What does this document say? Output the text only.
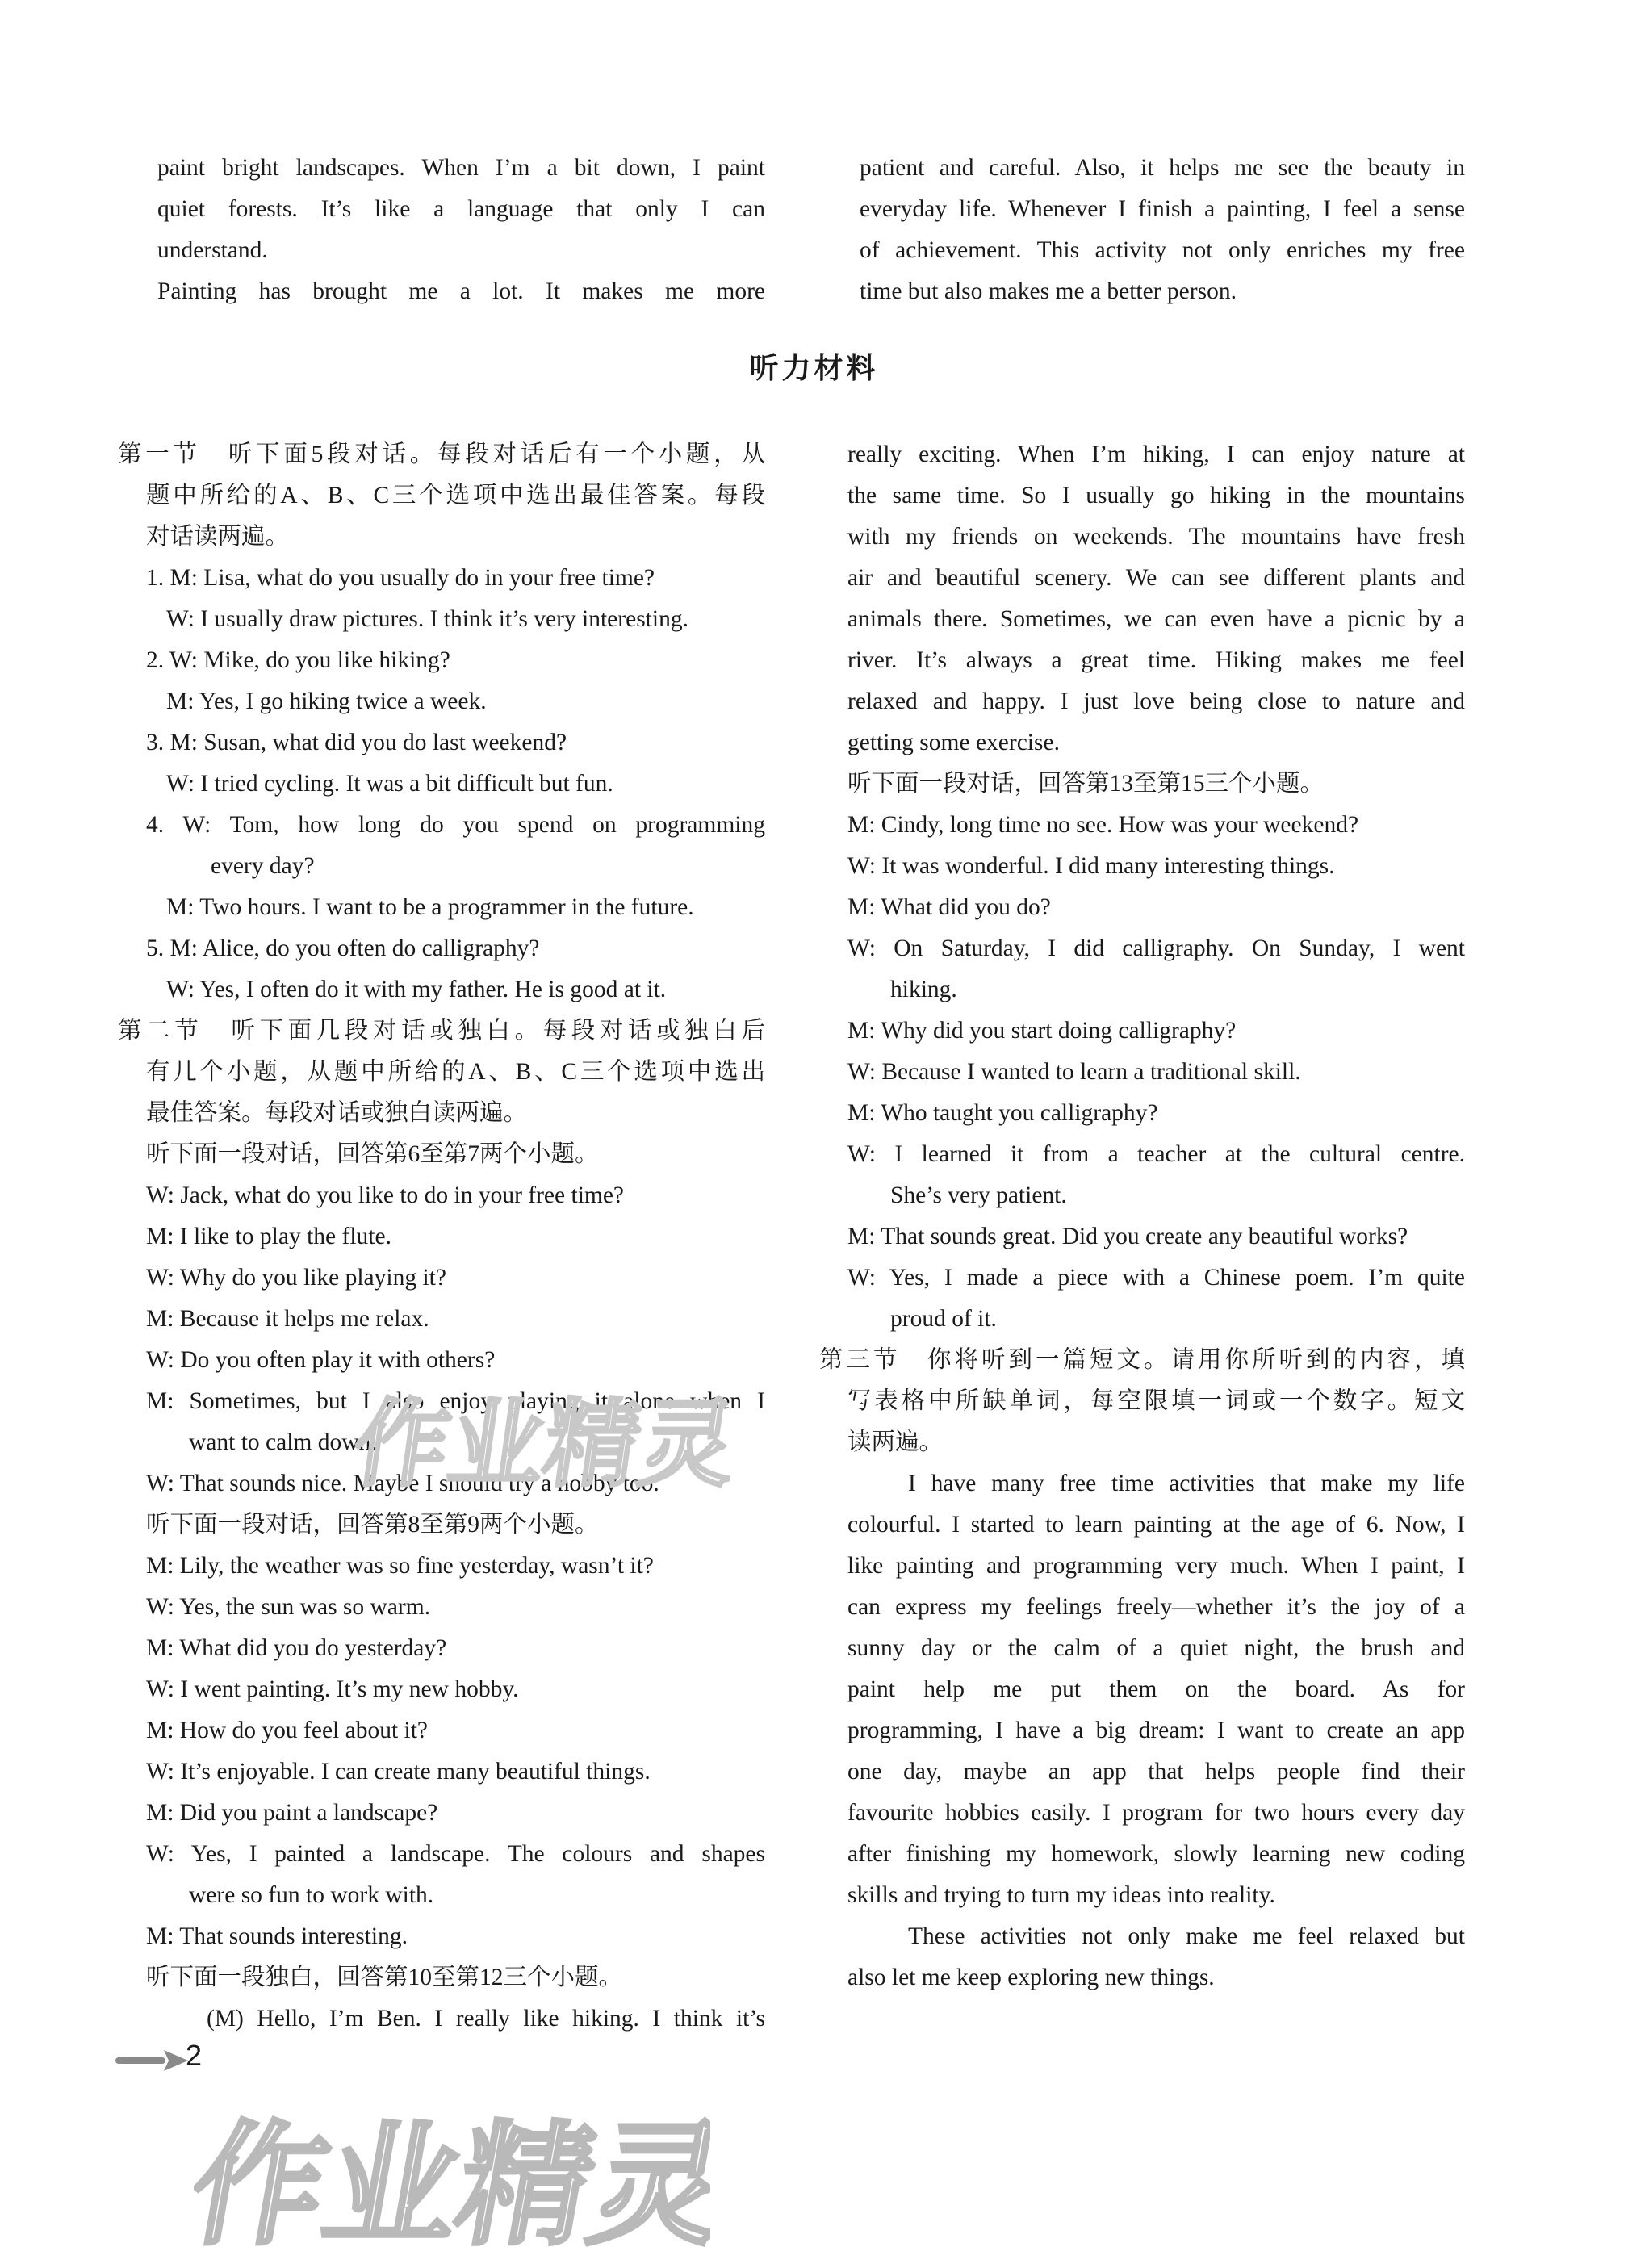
paint bright landscapes. When I’m a bit down, I paint

quiet forests. It’s like a language that only I can

understand.

Painting has brought me a lot. It makes me more

patient and careful. Also, it helps me see the beauty in

everyday life. Whenever I finish a painting, I feel a sense

of achievement. This activity not only enriches my free

time but also makes me a better person.

听力材料

第一节　听下面5段对话。每段对话后有一个小题，从

题中所给的A、B、C三个选项中选出最佳答案。每段

对话读两遍。

1. M: Lisa, what do you usually do in your free time?

W: I usually draw pictures. I think it’s very interesting.

2. W: Mike, do you like hiking?

M: Yes, I go hiking twice a week.

3. M: Susan, what did you do last weekend?

W: I tried cycling. It was a bit difficult but fun.

4. W: Tom, how long do you spend on programming

every day?

M: Two hours. I want to be a programmer in the future.

5. M: Alice, do you often do calligraphy?

W: Yes, I often do it with my father. He is good at it.

第二节　听下面几段对话或独白。每段对话或独白后

有几个小题，从题中所给的A、B、C三个选项中选出

最佳答案。每段对话或独白读两遍。

听下面一段对话，回答第6至第7两个小题。

W: Jack, what do you like to do in your free time?

M: I like to play the flute.

W: Why do you like playing it?

M: Because it helps me relax.

W: Do you often play it with others?

M: Sometimes, but I also enjoy playing it alone when I

want to calm down.

W: That sounds nice. Maybe I should try a hobby too.

听下面一段对话，回答第8至第9两个小题。

M: Lily, the weather was so fine yesterday, wasn’t it?

W: Yes, the sun was so warm.

M: What did you do yesterday?

W: I went painting. It’s my new hobby.

M: How do you feel about it?

W: It’s enjoyable. I can create many beautiful things.

M: Did you paint a landscape?

W: Yes, I painted a landscape. The colours and shapes

were so fun to work with.

M: That sounds interesting.

听下面一段独白，回答第10至第12三个小题。

(M) Hello, I’m Ben. I really like hiking. I think it’s

really exciting. When I’m hiking, I can enjoy nature at

the same time. So I usually go hiking in the mountains

with my friends on weekends. The mountains have fresh

air and beautiful scenery. We can see different plants and

animals there. Sometimes, we can even have a picnic by a

river. It’s always a great time. Hiking makes me feel

relaxed and happy. I just love being close to nature and

getting some exercise.

听下面一段对话，回答第13至第15三个小题。

M: Cindy, long time no see. How was your weekend?

W: It was wonderful. I did many interesting things.

M: What did you do?

W: On Saturday, I did calligraphy. On Sunday, I went

hiking.

M: Why did you start doing calligraphy?

W: Because I wanted to learn a traditional skill.

M: Who taught you calligraphy?

W: I learned it from a teacher at the cultural centre.

She’s very patient.

M: That sounds great. Did you create any beautiful works?

W: Yes, I made a piece with a Chinese poem. I’m quite

proud of it.

第三节　你将听到一篇短文。请用你所听到的内容，填

写表格中所缺单词，每空限填一词或一个数字。短文

读两遍。

I have many free time activities that make my life

colourful. I started to learn painting at the age of 6. Now, I

like painting and programming very much. When I paint, I

can express my feelings freely—whether it’s the joy of a

sunny day or the calm of a quiet night, the brush and

paint help me put them on the board. As for

programming, I have a big dream: I want to create an app

one day, maybe an app that helps people find their

favourite hobbies easily. I program for two hours every day

after finishing my homework, slowly learning new coding

skills and trying to turn my ideas into reality.

These activities not only make me feel relaxed but

also let me keep exploring new things.

2
